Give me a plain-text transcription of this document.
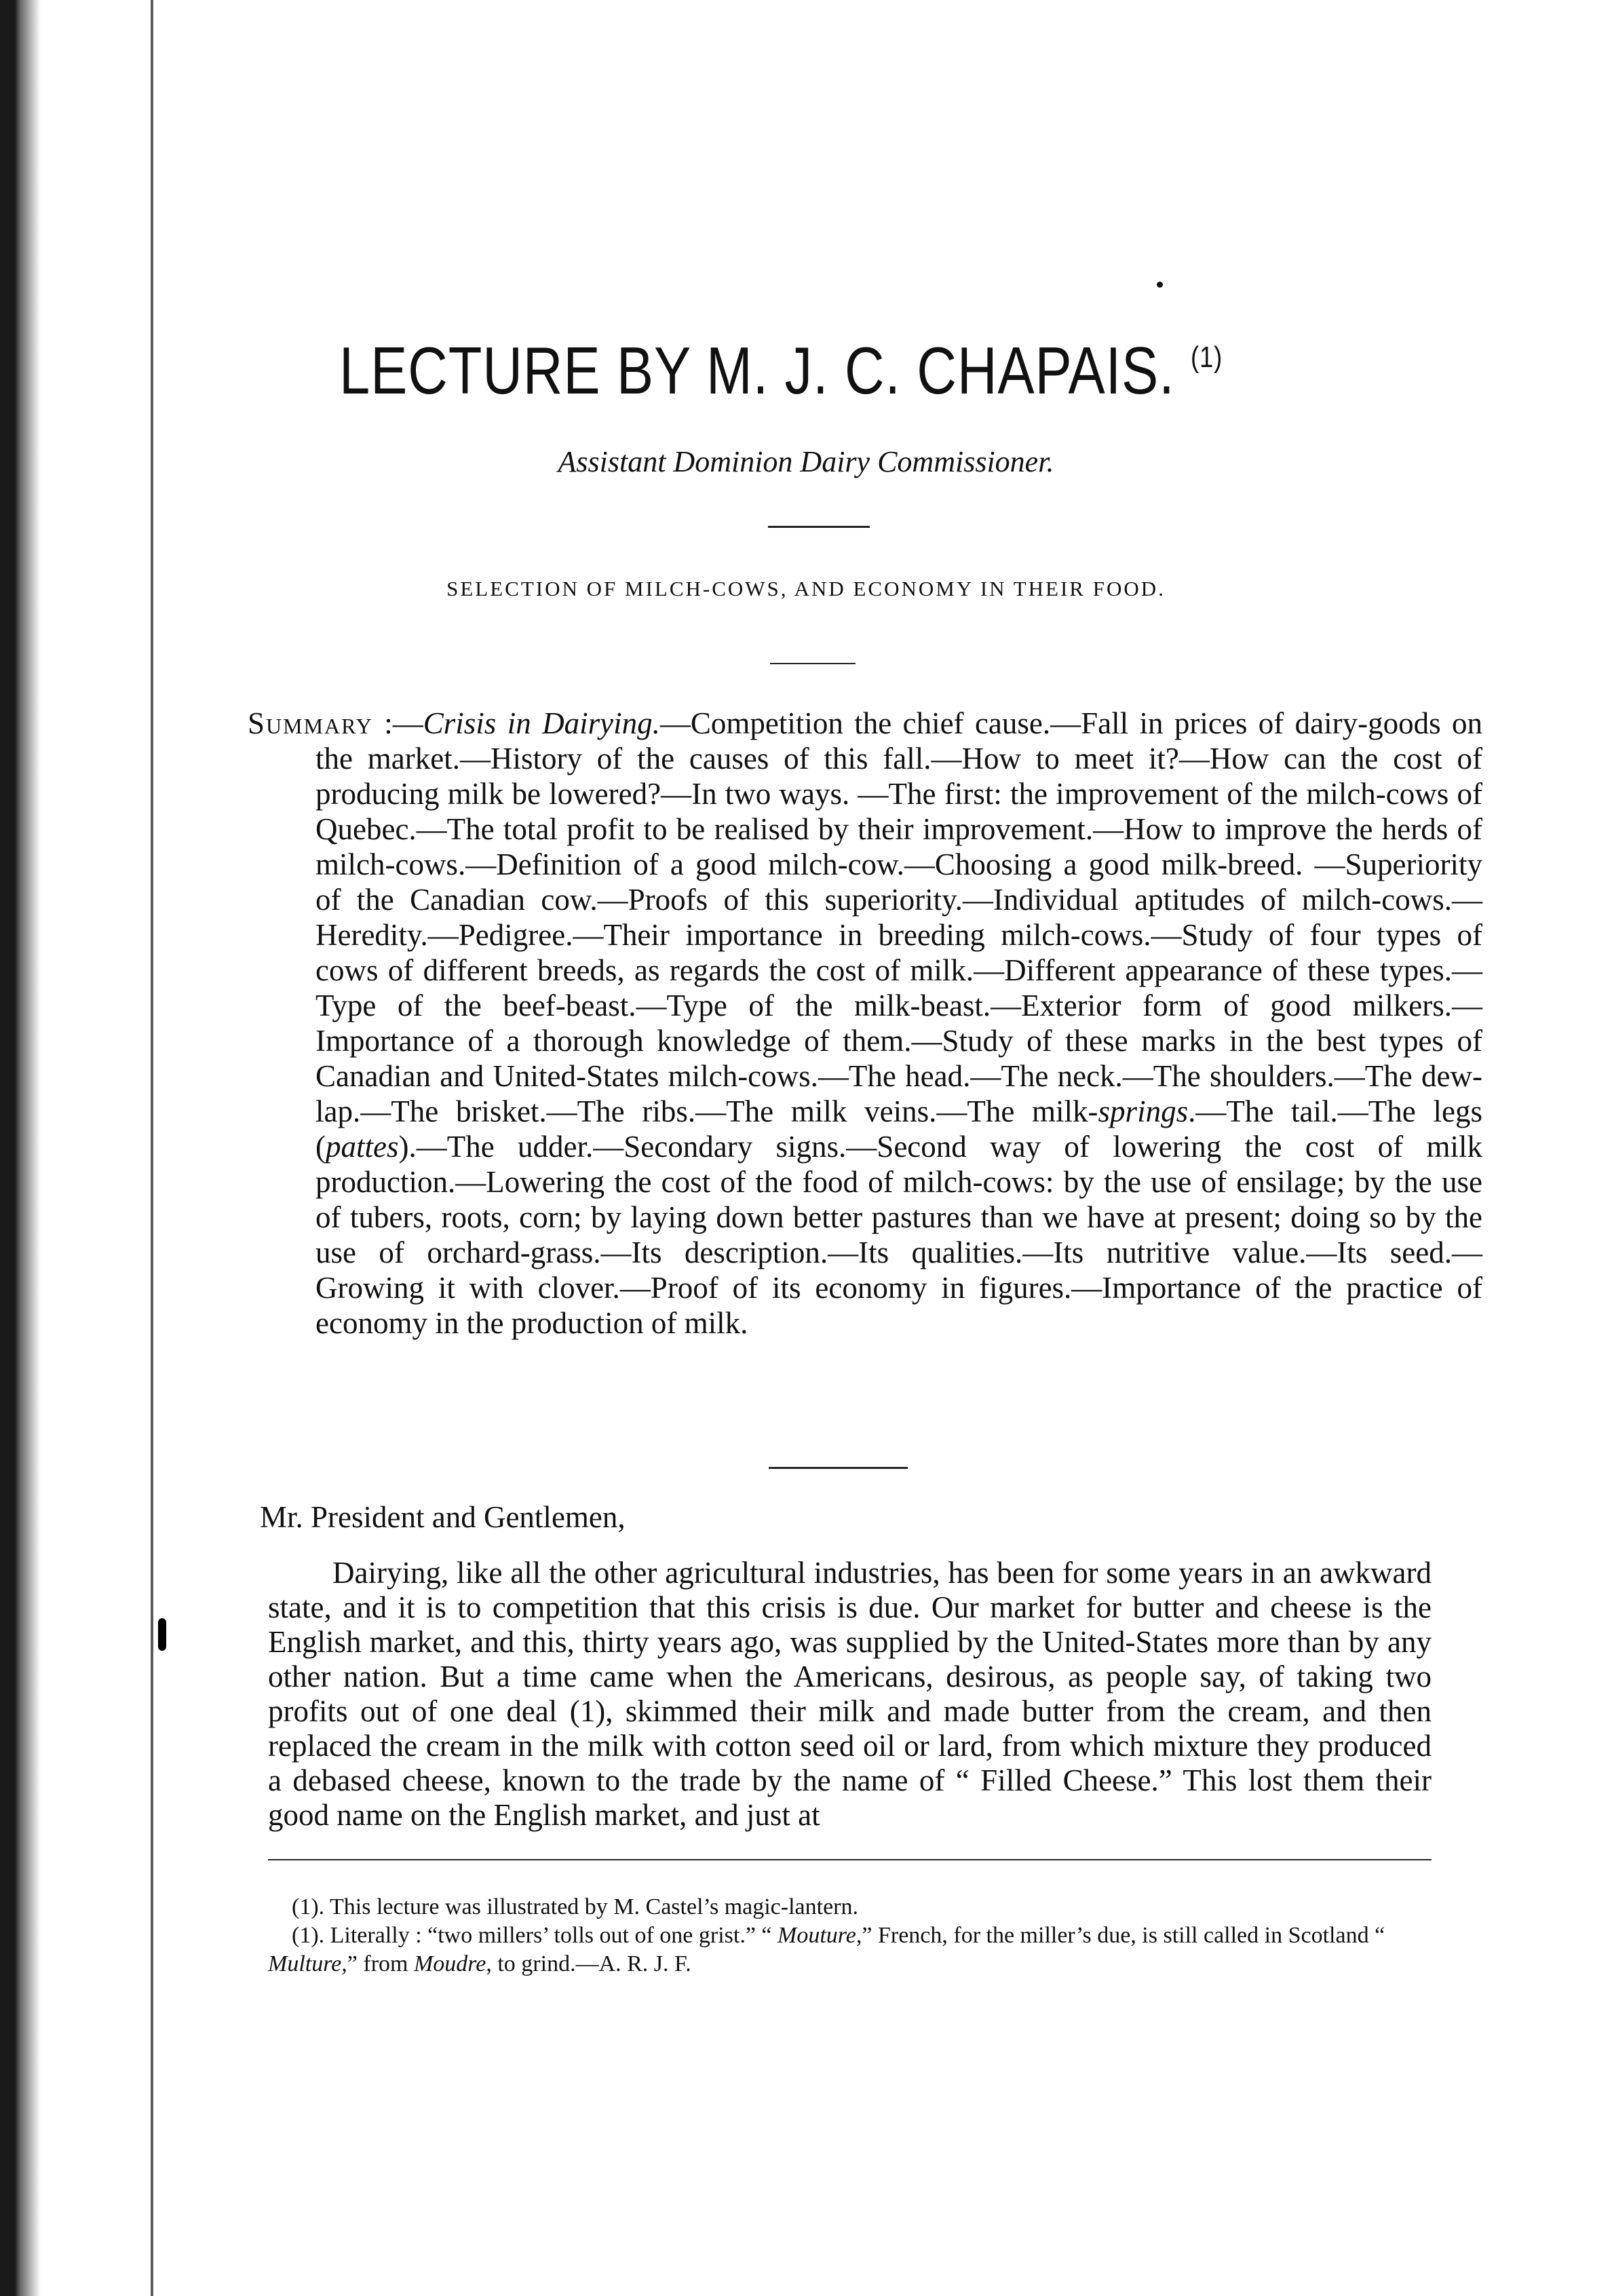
LECTURE BY M. J. C. CHAPAIS. $^{(1)}$
Assistant Dominion Dairy Commissioner.
SELECTION OF MILCH-COWS, AND ECONOMY IN THEIR FOOD.
Summary :—Crisis in Dairying.—Competition the chief cause.—Fall in prices of dairy-goods on the market.—History of the causes of this fall.—How to meet it?—How can the cost of producing milk be lowered?—In two ways. —The first: the improvement of the milch-cows of Quebec.—The total profit to be realised by their improvement.—How to improve the herds of milch-cows.—Definition of a good milch-cow.—Choosing a good milk-breed. —Superiority of the Canadian cow.—Proofs of this superiority.—Individual aptitudes of milch-cows.—Heredity.—Pedigree.—Their importance in breeding milch-cows.—Study of four types of cows of different breeds, as regards the cost of milk.—Different appearance of these types.—Type of the beef-beast.—Type of the milk-beast.—Exterior form of good milkers.—Importance of a thorough knowledge of them.—Study of these marks in the best types of Canadian and United-States milch-cows.—The head.—The neck.—The shoulders.—The dew-lap.—The brisket.—The ribs.—The milk veins.—The milk-springs.—The tail.—The legs (pattes).—The udder.—Secondary signs.—Second way of lowering the cost of milk production.—Lowering the cost of the food of milch-cows: by the use of ensilage; by the use of tubers, roots, corn; by laying down better pastures than we have at present; doing so by the use of orchard-grass.—Its description.—Its qualities.—Its nutritive value.—Its seed.—Growing it with clover.—Proof of its economy in figures.—Importance of the practice of economy in the production of milk.
Mr. President and Gentlemen,
Dairying, like all the other agricultural industries, has been for some years in an awkward state, and it is to competition that this crisis is due. Our market for butter and cheese is the English market, and this, thirty years ago, was supplied by the United-States more than by any other nation. But a time came when the Americans, desirous, as people say, of taking two profits out of one deal (1), skimmed their milk and made butter from the cream, and then replaced the cream in the milk with cotton seed oil or lard, from which mixture they produced a debased cheese, known to the trade by the name of “ Filled Cheese.” This lost them their good name on the English market, and just at

(1). This lecture was illustrated by M. Castel’s magic-lantern.

(1). Literally : “two millers’ tolls out of one grist.” “ Mouture,” French, for the miller’s due, is still called in Scotland “ Multure,” from Moudre, to grind.—A. R. J. F.
